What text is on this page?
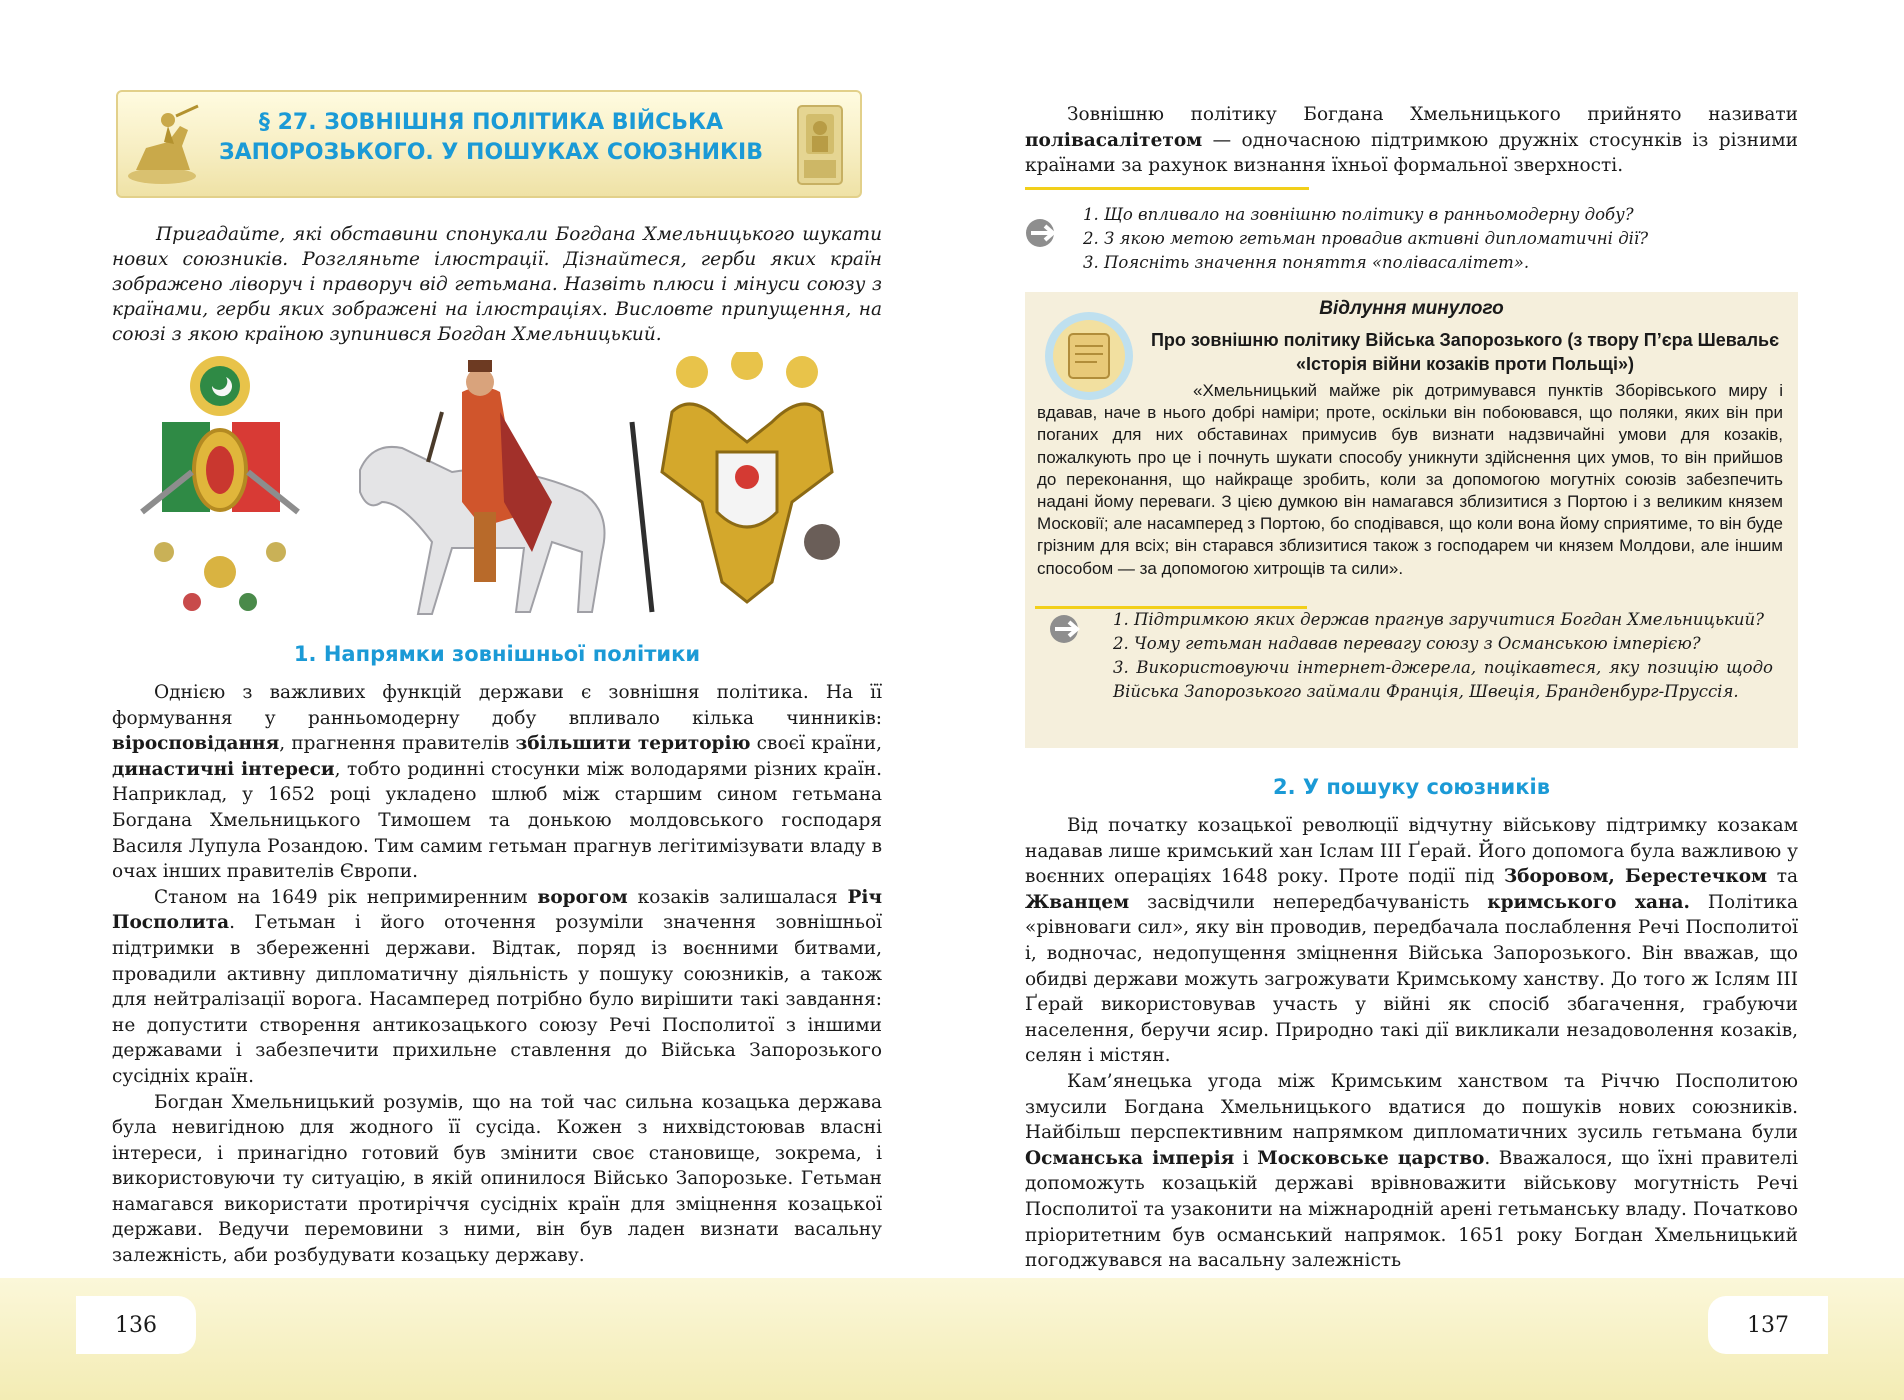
§ 27. ЗОВНІШНЯ ПОЛІТИКА ВІЙСЬКА ЗАПОРОЗЬКОГО. У ПОШУКАХ СОЮЗНИКІВ
Пригадайте, які обставини спонукали Богдана Хмельницького шукати нових союзників. Розгляньте ілюстрації. Дізнайтеся, герби яких країн зображено ліворуч і праворуч від гетьмана. Назвіть плюси і мінуси союзу з країнами, герби яких зображені на ілюстраціях. Висловте припущення, на союзі з якою країною зупинився Богдан Хмельницький.
1. Напрямки зовнішньої політики

Однією з важливих функцій держави є зовнішня політика. На її формування у ранньомодерну добу впливало кілька чинників: віросповідання, прагнення правителів збільшити територію своєї країни, династичні інтереси, тобто родинні стосунки між володарями різних країн. Наприклад, у 1652 році укладено шлюб між старшим сином гетьмана Богдана Хмельницького Тимошем та донькою молдовського господаря Василя Лупула Розандою. Тим самим гетьман прагнув легітимізувати владу в очах інших правителів Європи.

Станом на 1649 рік непримиренним ворогом козаків залишалася Річ Посполита. Гетьман і його оточення розуміли значення зовнішньої підтримки в збереженні держави. Відтак, поряд із воєнними битвами, провадили активну дипломатичну діяльність у пошуку союзників, а також для нейтралізації ворога. Насамперед потрібно було вирішити такі завдання: не допустити створення антикозацького союзу Речі Посполитої з іншими державами і забезпечити прихильне ставлення до Війська Запорозького сусідніх країн.

Богдан Хмельницький розумів, що на той час сильна козацька держава була невигідною для жодного її сусіда. Кожен з нихвідстоював власні інтереси, і принагідно готовий був змінити своє становище, зокрема, і використовуючи ту ситуацію, в якій опинилося Військо Запорозьке. Гетьман намагався використати протиріччя сусідніх країн для зміцнення козацької держави. Ведучи перемовини з ними, він був ладен визнати васальну залежність, аби розбудувати козацьку державу.

136

Зовнішню політику Богдана Хмельницького прийнято називати полівасалітетом — одночасною підтримкою дружніх стосунків із різними країнами за рахунок визнання їхньої формальної зверхності.

1. Що впливало на зовнішню політику в ранньомодерну добу?
2. З якою метою гетьман провадив активні дипломатичні дії?
3. Поясніть значення поняття «полівасалітет».
Відлуння минулого
Про зовнішню політику Війська Запорозького (з твору П’єра Шевальє «Історія війни козаків проти Польщі»)

«Хмельницький майже рік дотримувався пунктів Зборівського миру і вдавав, наче в нього добрі наміри; проте, оскільки він побоювався, що поляки, яких він при поганих для них обставинах примусив був визнати надзвичайні умови для козаків, пожалкують про це і почнуть шукати способу уникнути здійснення цих умов, то він прийшов до переконання, що найкраще зробить, коли за допомогою могутніх союзів забезпечить надані йому переваги. З цією думкою він намагався зблизитися з Портою і з великим князем Московії; але насамперед з Портою, бо сподівався, що коли вона йому сприятиме, то він буде грізним для всіх; він старався зблизитися також з господарем чи князем Молдови, але іншим способом — за допомогою хитрощів та сили».

1. Підтримкою яких держав прагнув заручитися Богдан Хмельницький?
2. Чому гетьман надавав перевагу союзу з Османською імперією?
3. Використовуючи інтернет-джерела, поцікавтеся, яку позицію щодо Війська Запорозького займали Франція, Швеція, Бранденбург-Пруссія.
2. У пошуку союзників

Від початку козацької революції відчутну військову підтримку козакам надавав лише кримський хан Іслам ІІІ Ґерай. Його допомога була важливою у воєнних операціях 1648 року. Проте події під Зборовом, Берестечком та Жванцем засвідчили непередбачуваність кримського хана. Політика «рівноваги сил», яку він проводив, передбачала послаблення Речі Посполитої і, водночас, недопущення зміцнення Війська Запорозького. Він вважав, що обидві держави можуть загрожувати Кримському ханству. До того ж Іслям ІІІ Ґерай використовував участь у війні як спосіб збагачення, грабуючи населення, беручи ясир. Природно такі дії викликали незадоволення козаків, селян і містян.

Кам’янецька угода між Кримським ханством та Річчю Посполитою змусили Богдана Хмельницького вдатися до пошуків нових союзників. Найбільш перспективним напрямком дипломатичних зусиль гетьмана були Османська імперія і Московське царство. Вважалося, що їхні правителі допоможуть козацькій державі врівноважити військову могутність Речі Посполитої та узаконити на міжнародній арені гетьманську владу. Початково пріоритетним був османський напрямок. 1651 року Богдан Хмельницький погоджувався на васальну залежність

137
